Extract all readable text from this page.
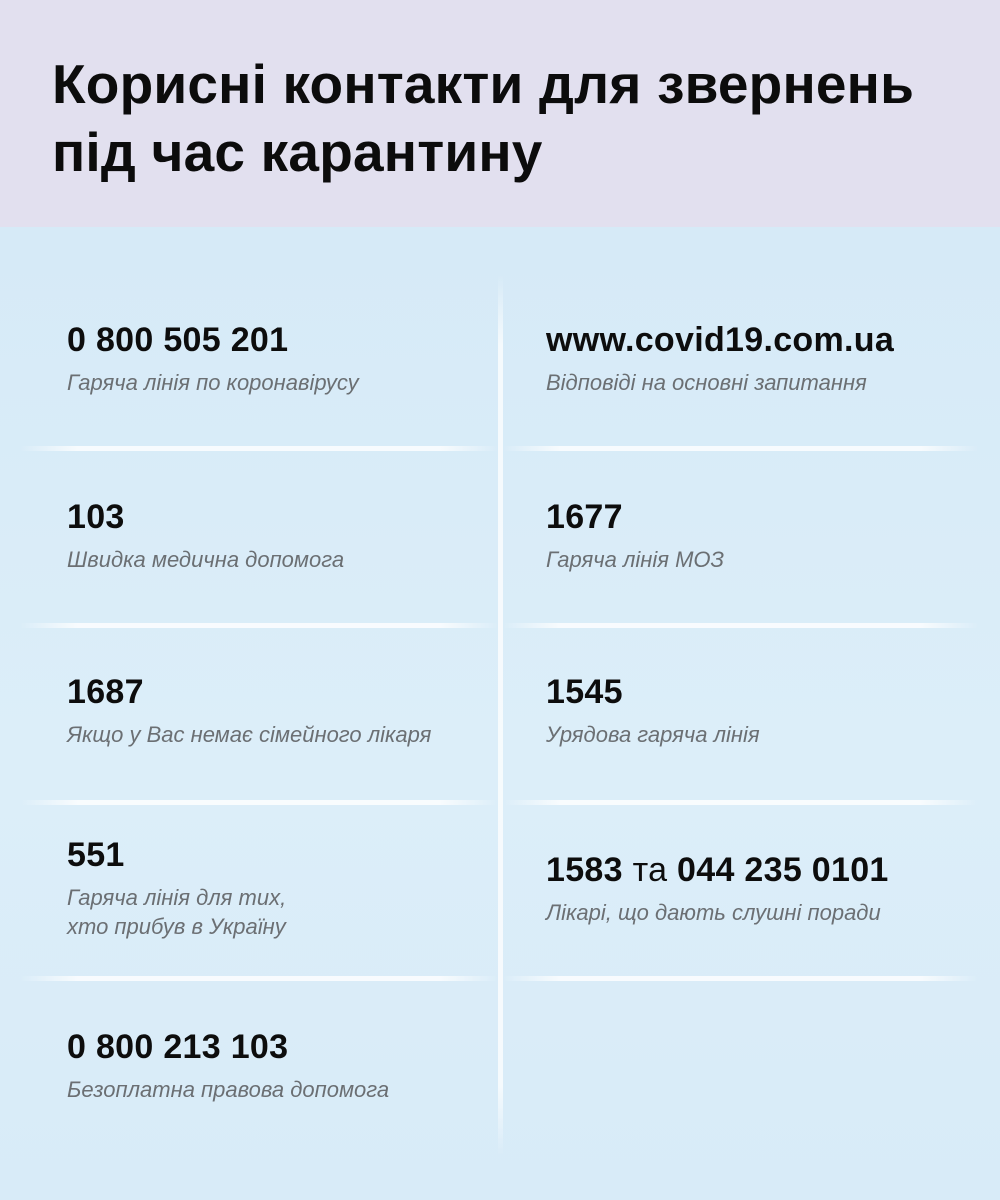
Корисні контакти для звернень
під час карантину
0 800 505 201
Гаряча лінія по коронавірусу
www.covid19.com.ua
Відповіді на основні запитання
103
Швидка медична допомога
1677
Гаряча лінія МОЗ
1687
Якщо у Вас немає сімейного лікаря
1545
Урядова гаряча лінія
551
Гаряча лінія для тих,
хто прибув в Україну
1583 та 044 235 0101
Лікарі, що дають слушні поради
0 800 213 103
Безоплатна правова допомога
